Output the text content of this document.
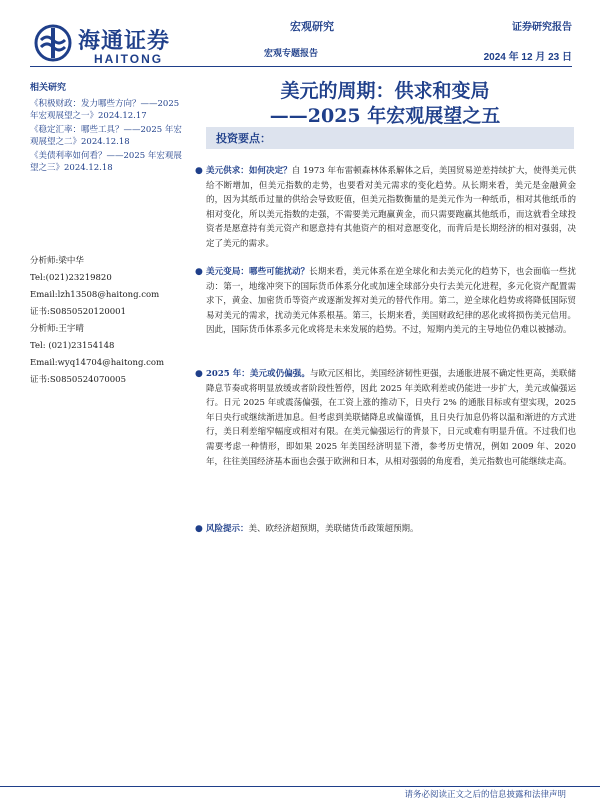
海通证券
HAITONG
宏观研究
宏观专题报告
证券研究报告
2024 年 12 月 23 日
相关研究
《积极财政：发力哪些方向？——2025 年宏观展望之一》2024.12.17
《稳定汇率：哪些工具？——2025 年宏观展望之二》2024.12.18
《美债利率如何看？——2025 年宏观展望之三》2024.12.18
分析师:梁中华
Tel:(021)23219820
Email:lzh13508@haitong.com
证书:S0850520120001
分析师:王宇晴
Tel: (021)23154148
Email:wyq14704@haitong.com
证书:S0850524070005
美元的周期：供求和变局
——2025 年宏观展望之五
投资要点：
● 美元供求：如何决定？自 1973 年布雷顿森林体系解体之后，美国贸易逆差持续扩大，使得美元供给不断增加，但美元指数的走势，也要看对美元需求的变化趋势。从长期来看，美元是金融黄金的，因为其纸币过量的供给会导致贬值，但美元指数衡量的是美元作为一种纸币，相对其他纸币的相对变化，所以美元指数的走强，不需要美元跑赢黄金，而只需要跑赢其他纸币，而这就看全球投资者是愿意持有美元资产和愿意持有其他资产的相对意愿变化，而背后是长期经济的相对强弱，决定了美元的需求。
● 美元变局：哪些可能扰动？长期来看，美元体系在逆全球化和去美元化的趋势下，也会面临一些扰动：第一，地缘冲突下的国际货币体系分化或加速全球部分央行去美元化进程，多元化资产配置需求下，黄金、加密货币等资产或逐渐发挥对美元的替代作用。第二，逆全球化趋势或将降低国际贸易对美元的需求，扰动美元体系根基。第三，长期来看，美国财政纪律的恶化或将损伤美元信用。因此，国际货币体系多元化或将是未来发展的趋势。不过，短期内美元的主导地位仍难以被撼动。
● 2025 年：美元或仍偏强。与欧元区相比，美国经济韧性更强，去通胀进展不确定性更高，美联储降息节奏或将明显放缓或者阶段性暂停，因此 2025 年美欧利差或仍能进一步扩大，美元或偏强运行。日元 2025 年或震荡偏强，在工资上涨的推动下，日央行 2% 的通胀目标或有望实现，2025 年日央行或继续渐进加息。但考虑到美联储降息或偏谨慎，且日央行加息仍将以温和渐进的方式进行，美日利差缩窄幅度或相对有限。在美元偏强运行的背景下，日元或难有明显升值。不过我们也需要考虑一种情形，即如果 2025 年美国经济明显下滑，参考历史情况，例如 2009 年、2020 年，往往美国经济基本面也会强于欧洲和日本，从相对强弱的角度看，美元指数也可能继续走高。
● 风险提示：美、欧经济超预期，美联储货币政策超预期。
请务必阅读正文之后的信息披露和法律声明
